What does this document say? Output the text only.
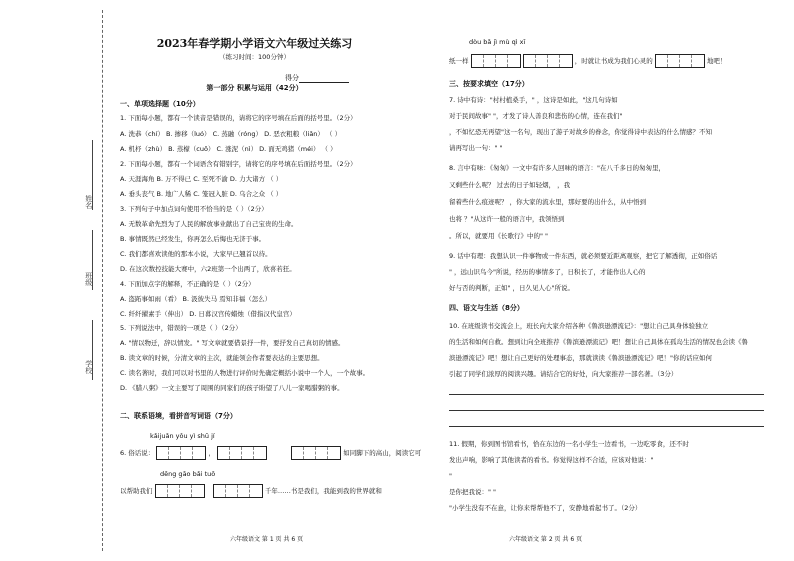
姓名
班级
学校
2023年春学期小学语文六年级过关练习
（练习时间：100分钟）
得分
第一部分 积累与运用（42分）
一、单项选择题（10分）
1. 下面每小题，都有一个读音是错误的，请将它的序号填在后面的括号里。（2分）
A. 洗恭（chí） B. 掺移（luó） C. 蒸融（róng） D. 恶衣粗粮（liǎn） （ ）
A. 机杼（zhù） B. 蒸檬（cuō） C. 涨泥（nì） D. 面无鸡猪（méi） （ ）
2. 下面每小题，都有一个词语含有错别字，请将它的序号填在后面括号里。（2分）
A. 天涯海角 B. 万不得已 C. 至死不渝 D. 力大诸方 （ ）
A. 垂头丧气 B. 地广人稀 C. 笼冠入脏 D. 乌合之众 （ ）
3. 下列句子中加点词句使用不恰当的是（ ）（2分）
A. 无数革命先烈为了人民的解放事业献出了自己宝贵的生命。
B. 事情既然已经发生，你再怎么后悔也无济于事。
C. 我们都喜欢读他的那本小说，大家早已翘首以待。
D. 在这次数控技能大赛中，六2班第一个出两了，欣喜若狂。
4. 下面加点字的解释，不正确的是（ ）（2分）
A. 盗跖事如雨（看） B. 汲彼失马 焉知非福（怎么）
C. 纤纤擢素手（伸出） D. 日暮汉宫传蜡烛（借指汉代皇宫）
5. 下列说法中，错误的一项是（ ）（2分）
A. "情以物迁，辞以情发。" 写文章就要借景抒一件，要抒发自己真切的情感。
B. 读文章的时候，分清文章的主次，就能领会作者要表达的主要思想。
C. 读名著时，我们可以对书里的人物进行评价时先确定概括小说中一个人，一个故事。
D. 《腊八粥》一文主要写了周围的同家们的孩子盼望了八儿一家喝腊粥的事。
二、联系语境，看拼音写词语（7分）
kǎijuǎn yǒu yì shū jí
6. 俗话说：	，
	如同脚下的高山，阅读它可
dēng gāo bǎi tuō
以帮助我们
	千年……书是我们，我能到我的世界就和
六年级语文 第 1 页 共 6 页
dòu bǎ jì mù qì xī
纸一样
	，时就让书成为我们心灵的	地吧！
三、按要求填空（17分）
7. 诗中有诗："村村植桑手，" ，这诗是如此，"这几句诗如
对于民间故事" "，才发了诗人善良和悲伤的心情，连在我们"
，不如忆恐无再望"这一名句，现出了游子对故乡的眷念，你觉得诗中表达的什么情感？不知
请再写出一句：" "
8. 言中有味：《匆匆》一文中有许多人回味的语言："在八千多日的匆匆里，
又剩些什么呢？ 过去的日子如轻烟， ，我
留着些什么痕迹呢？ ，你大家的流水里，那好要的出什么，从中悟到
也将 ？"从这许一般的语言中，我领悟到
。所以，就要用《长歌行》中的" "
9. 话中有理：我想认识一件事物或一件东西，就必须要近距离观察，把它了解透彻，正如俗话
" ，远山识鸟今"所说，经历的事情多了，日积长了，才能作出人心的
好与否的判断，正如" ，日久见人心"所说。
四、语文与生活（8分）
10. 在班级读书交流会上，班长向大家介绍各种《鲁滨逊漂流记》："想让自己具身体验独立
的生活和如何自救。想到让向全班推荐《鲁滨逊漂流记》吧！想让自己具体在孤岛生活的情况也会读《鲁
滨逊漂流记》吧！想让自己更好的处理事态，那就读读《鲁滨逊漂流记》吧！"你的话应如何
引起了同学们浓厚的阅读兴趣。请结合它的好处，向大家推荐一部名著。（3分）
11. 假期，你到图书馆看书，恰在东边的一名小学生一边看书，一边吃零食，还不时
发出声响，影响了其他读者的看书。你觉得这样不合适，应该对他说："
"
是你把我说：" "
"小学生没有不在意，让你来帮帮他不了，安静地看起书了。（2分）
六年级语文 第 2 页 共 6 页
